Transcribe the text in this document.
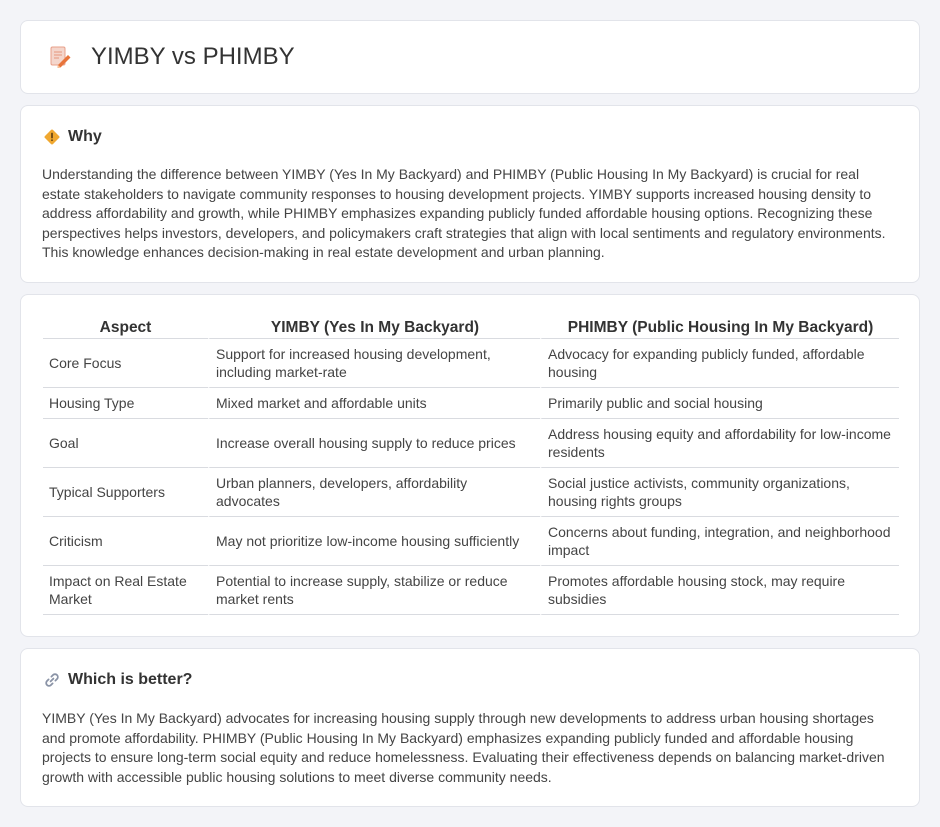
YIMBY vs PHIMBY
Why

Understanding the difference between YIMBY (Yes In My Backyard) and PHIMBY (Public Housing In My Backyard) is crucial for real estate stakeholders to navigate community responses to housing development projects. YIMBY supports increased housing density to address affordability and growth, while PHIMBY emphasizes expanding publicly funded affordable housing options. Recognizing these perspectives helps investors, developers, and policymakers craft strategies that align with local sentiments and regulatory environments. This knowledge enhances decision-making in real estate development and urban planning.

Aspect	YIMBY (Yes In My Backyard)	PHIMBY (Public Housing In My Backyard)
Core Focus	Support for increased housing development, including market-rate	Advocacy for expanding publicly funded, affordable housing
Housing Type	Mixed market and affordable units	Primarily public and social housing
Goal	Increase overall housing supply to reduce prices	Address housing equity and affordability for low-income residents
Typical Supporters	Urban planners, developers, affordability advocates	Social justice activists, community organizations, housing rights groups
Criticism	May not prioritize low-income housing sufficiently	Concerns about funding, integration, and neighborhood impact
Impact on Real Estate Market	Potential to increase supply, stabilize or reduce market rents	Promotes affordable housing stock, may require subsidies
Which is better?

YIMBY (Yes In My Backyard) advocates for increasing housing supply through new developments to address urban housing shortages and promote affordability. PHIMBY (Public Housing In My Backyard) emphasizes expanding publicly funded and affordable housing projects to ensure long-term social equity and reduce homelessness. Evaluating their effectiveness depends on balancing market-driven growth with accessible public housing solutions to meet diverse community needs.
